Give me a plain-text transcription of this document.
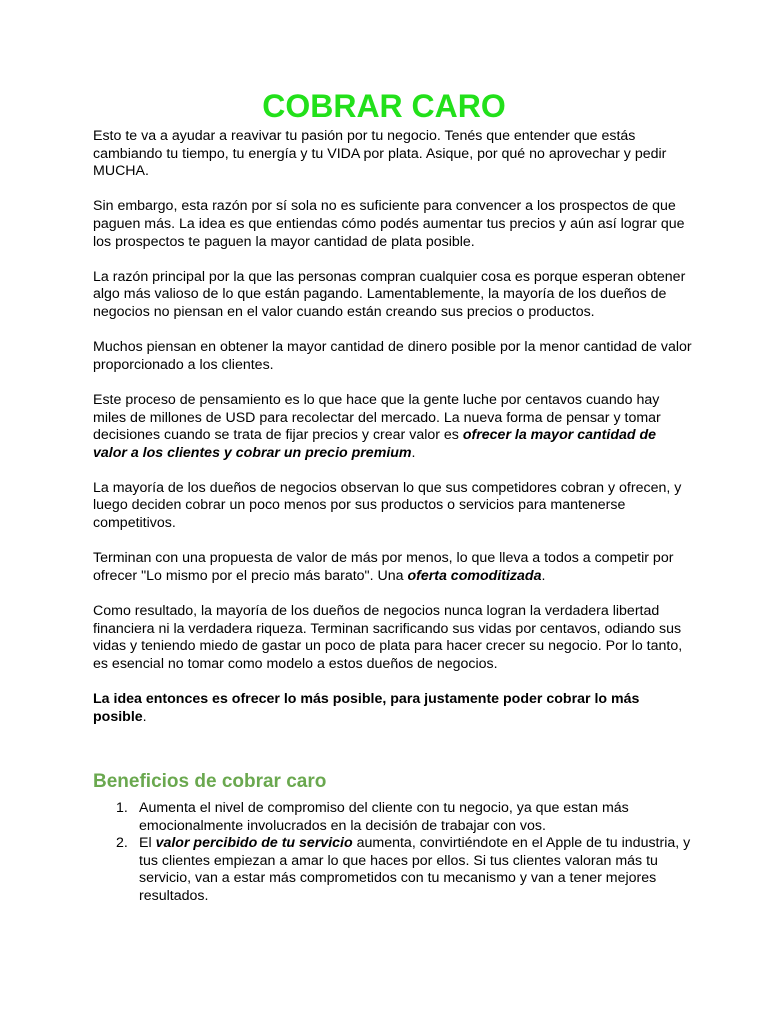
COBRAR CARO

Esto te va a ayudar a reavivar tu pasión por tu negocio. Tenés que entender que estás cambiando tu tiempo, tu energía y tu VIDA por plata. Asique, por qué no aprovechar y pedir MUCHA.

Sin embargo, esta razón por sí sola no es suficiente para convencer a los prospectos de que paguen más. La idea es que entiendas cómo podés aumentar tus precios y aún así lograr que los prospectos te paguen la mayor cantidad de plata posible.

La razón principal por la que las personas compran cualquier cosa es porque esperan obtener algo más valioso de lo que están pagando. Lamentablemente, la mayoría de los dueños de negocios no piensan en el valor cuando están creando sus precios o productos.

Muchos piensan en obtener la mayor cantidad de dinero posible por la menor cantidad de valor proporcionado a los clientes.

Este proceso de pensamiento es lo que hace que la gente luche por centavos cuando hay miles de millones de USD para recolectar del mercado. La nueva forma de pensar y tomar decisiones cuando se trata de fijar precios y crear valor es ofrecer la mayor cantidad de valor a los clientes y cobrar un precio premium.

La mayoría de los dueños de negocios observan lo que sus competidores cobran y ofrecen, y luego deciden cobrar un poco menos por sus productos o servicios para mantenerse competitivos.

Terminan con una propuesta de valor de más por menos, lo que lleva a todos a competir por ofrecer "Lo mismo por el precio más barato". Una oferta comoditizada.

Como resultado, la mayoría de los dueños de negocios nunca logran la verdadera libertad financiera ni la verdadera riqueza. Terminan sacrificando sus vidas por centavos, odiando sus vidas y teniendo miedo de gastar un poco de plata para hacer crecer su negocio. Por lo tanto, es esencial no tomar como modelo a estos dueños de negocios.

La idea entonces es ofrecer lo más posible, para justamente poder cobrar lo más posible.

Beneficios de cobrar caro
1. Aumenta el nivel de compromiso del cliente con tu negocio, ya que estan más emocionalmente involucrados en la decisión de trabajar con vos.
2. El valor percibido de tu servicio aumenta, convirtiéndote en el Apple de tu industria, y tus clientes empiezan a amar lo que haces por ellos. Si tus clientes valoran más tu servicio, van a estar más comprometidos con tu mecanismo y van a tener mejores resultados.
